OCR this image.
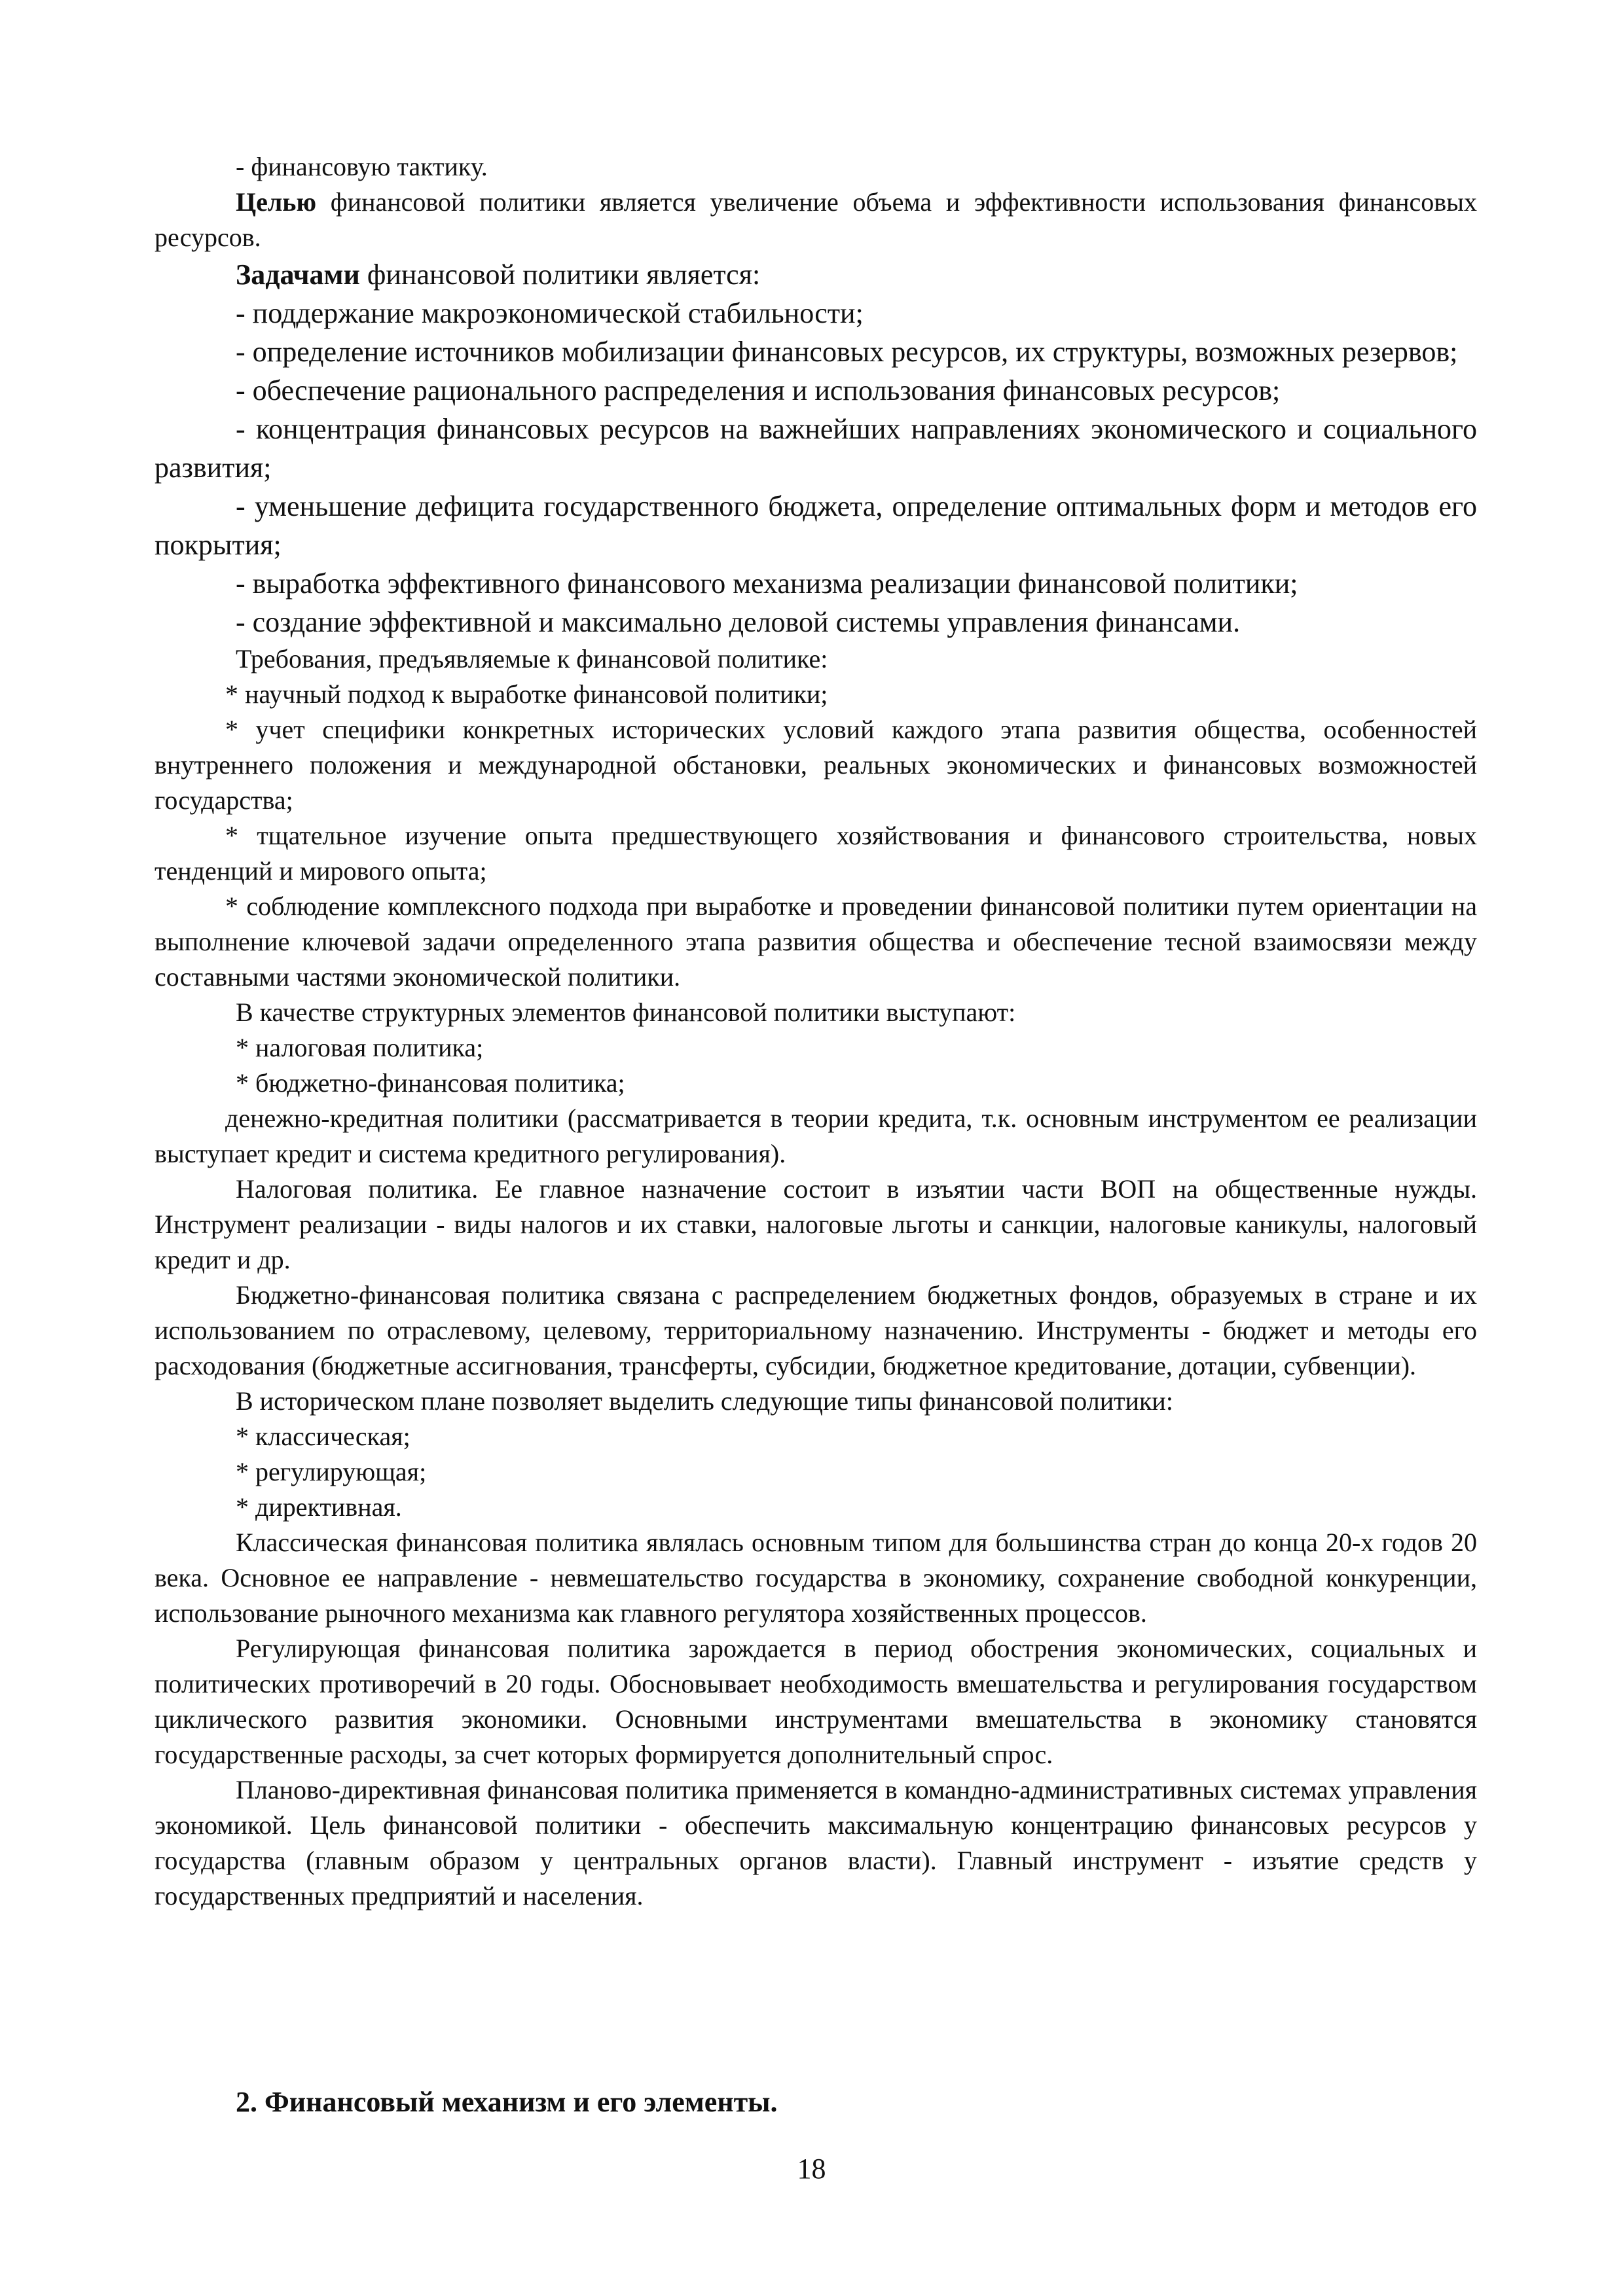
- финансовую тактику.

Целью финансовой политики является увеличение объема и эффективности использования финансовых ресурсов.

Задачами финансовой политики является:

- поддержание макроэкономической стабильности;

- определение источников мобилизации финансовых ресурсов, их структуры, возможных резервов;

- обеспечение рационального распределения и использования финансовых ресурсов;

- концентрация финансовых ресурсов на важнейших направлениях экономического и социального развития;

- уменьшение дефицита государственного бюджета, определение оптимальных форм и методов его покрытия;

- выработка эффективного финансового механизма реализации финансовой политики;

- создание эффективной и максимально деловой системы управления финансами.

Требования, предъявляемые к финансовой политике:

* научный подход к выработке финансовой политики;

* учет специфики конкретных исторических условий каждого этапа развития общества, особенностей внутреннего положения и международной обстановки, реальных экономических и финансовых возможностей государства;

* тщательное изучение опыта предшествующего хозяйствования и финансового строительства, новых тенденций и мирового опыта;

* соблюдение комплексного подхода при выработке и проведении финансовой политики путем ориентации на выполнение ключевой задачи определенного этапа развития общества и обеспечение тесной взаимосвязи между составными частями экономической политики.

В качестве структурных элементов финансовой политики выступают:

* налоговая политика;

* бюджетно-финансовая политика;

денежно-кредитная политики (рассматривается в теории кредита, т.к. основным инструментом ее реализации выступает кредит и система кредитного регулирования).

Налоговая политика. Ее главное назначение состоит в изъятии части ВОП на общественные нужды. Инструмент реализации - виды налогов и их ставки, налоговые льготы и санкции, налоговые каникулы, налоговый кредит и др.

Бюджетно-финансовая политика связана с распределением бюджетных фондов, образуемых в стране и их использованием по отраслевому, целевому, территориальному назначению. Инструменты - бюджет и методы его расходования (бюджетные ассигнования, трансферты, субсидии, бюджетное кредитование, дотации, субвенции).

В историческом плане позволяет выделить следующие типы финансовой политики:

* классическая;

* регулирующая;

* директивная.

Классическая финансовая политика являлась основным типом для большинства стран до конца 20-х годов 20 века. Основное ее направление - невмешательство государства в экономику, сохранение свободной конкуренции, использование рыночного механизма как главного регулятора хозяйственных процессов.

Регулирующая финансовая политика зарождается в период обострения экономических, социальных и политических противоречий в 20 годы. Обосновывает необходимость вмешательства и регулирования государством циклического развития экономики. Основными инструментами вмешательства в экономику становятся государственные расходы, за счет которых формируется дополнительный спрос.

Планово-директивная финансовая политика применяется в командно-административных системах управления экономикой. Цель финансовой политики - обеспечить максимальную концентрацию финансовых ресурсов у государства (главным образом у центральных органов власти). Главный инструмент - изъятие средств у государственных предприятий и населения.

2. Финансовый механизм и его элементы.

18
